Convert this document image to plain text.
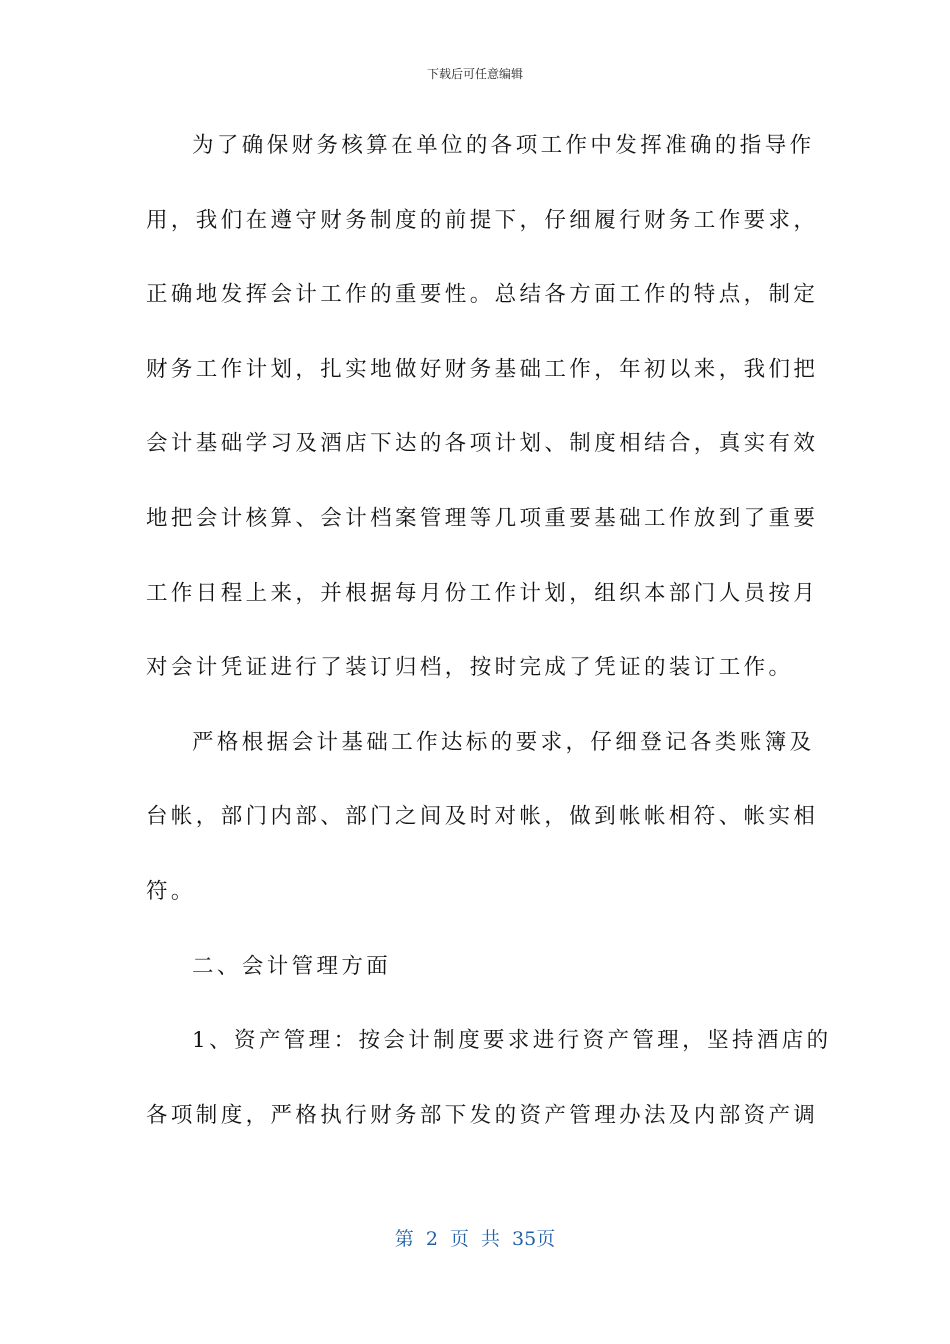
下载后可任意编辑
为了确保财务核算在单位的各项工作中发挥准确的指导作
用，我们在遵守财务制度的前提下，仔细履行财务工作要求，
正确地发挥会计工作的重要性。总结各方面工作的特点，制定
财务工作计划，扎实地做好财务基础工作，年初以来，我们把
会计基础学习及酒店下达的各项计划、制度相结合，真实有效
地把会计核算、会计档案管理等几项重要基础工作放到了重要
工作日程上来，并根据每月份工作计划，组织本部门人员按月
对会计凭证进行了装订归档，按时完成了凭证的装订工作。
严格根据会计基础工作达标的要求，仔细登记各类账簿及
台帐，部门内部、部门之间及时对帐，做到帐帐相符、帐实相
符。
二、会计管理方面
1、资产管理：按会计制度要求进行资产管理，坚持酒店的
各项制度，严格执行财务部下发的资产管理办法及内部资产调
第 2 页 共 35页
